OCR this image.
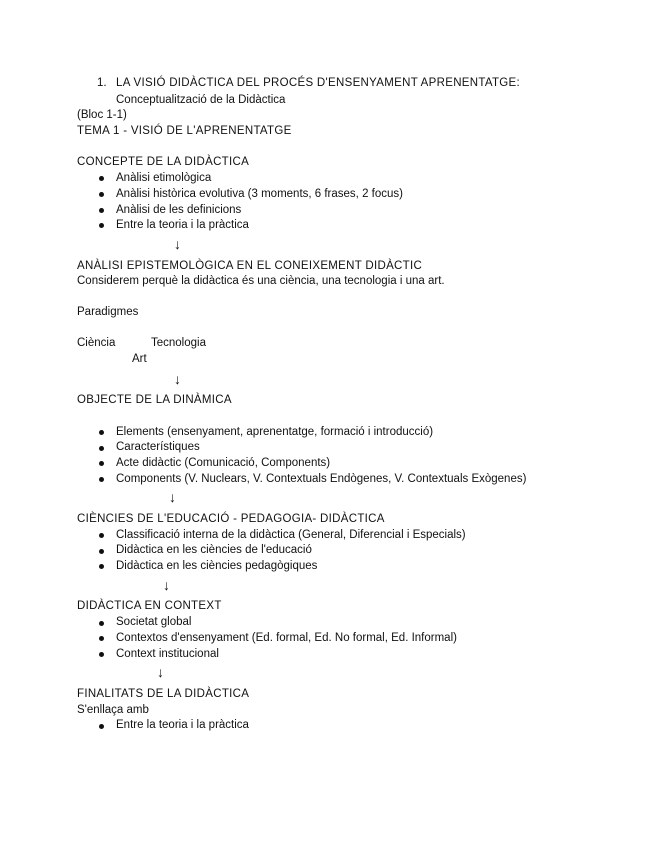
1. LA VISIÓ DIDÀCTICA DEL PROCÉS D'ENSENYAMENT APRENENTATGE:
Conceptualització de la Didàctica
(Bloc 1-1)
TEMA 1 - VISIÓ DE L'APRENENTATGE
CONCEPTE DE LA DIDÀCTICA
Anàlisi etimològica
Anàlisi històrica evolutiva (3 moments, 6 frases, 2 focus)
Anàlisi de les definicions
Entre la teoria i la pràctica
↓
ANÀLISI EPISTEMOLÒGICA EN EL CONEIXEMENT DIDÀCTIC
Considerem perquè la didàctica és una ciència, una tecnologia i una art.
Paradigmes
Ciència	Tecnologia
Art
↓
OBJECTE DE LA DINÀMICA
Elements (ensenyament, aprenentatge, formació i introducció)
Característiques
Acte didàctic (Comunicació, Components)
Components (V. Nuclears, V. Contextuals Endògenes, V. Contextuals Exògenes)
↓
CIÈNCIES DE L'EDUCACIÓ - PEDAGOGIA- DIDÀCTICA
Classificació interna de la didàctica (General, Diferencial i Especials)
Didàctica en les ciències de l'educació
Didàctica en les ciències pedagògiques
↓
DIDÀCTICA EN CONTEXT
Societat global
Contextos d'ensenyament (Ed. formal, Ed. No formal, Ed. Informal)
Context institucional
↓
FINALITATS DE LA DIDÀCTICA
S'enllaça amb
Entre la teoria i la pràctica
